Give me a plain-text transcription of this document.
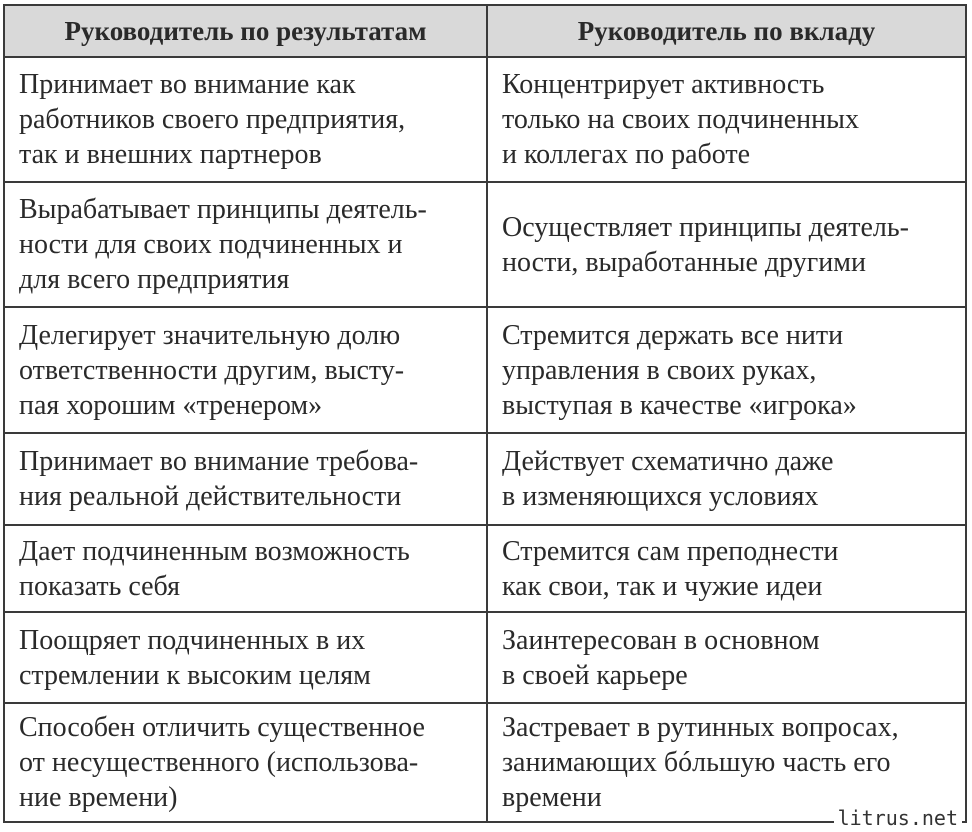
Руководитель по результатам	Руководитель по вкладу

Принимает во внимание как
работников своего предприятия,
так и внешних партнеров	Концентрирует активность
только на своих подчиненных
и коллегах по работе

Вырабатывает принципы деятель-
ности для своих подчиненных и
для всего предприятия	Осуществляет принципы деятель-
ности, выработанные другими

Делегирует значительную долю
ответственности другим, высту-
пая хорошим «тренером»	Стремится держать все нити
управления в своих руках,
выступая в качестве «игрока»

Принимает во внимание требова-
ния реальной действительности	Действует схематично даже
в изменяющихся условиях

Дает подчиненным возможность
показать себя	Стремится сам преподнести
как свои, так и чужие идеи

Поощряет подчиненных в их
стремлении к высоким целям	Заинтересован в основном
в своей карьере

Способен отличить существенное
от несущественного (использова-
ние времени)	Застревает в рутинных вопросах,
занимающих бóльшую часть его
времени
litrus.net
